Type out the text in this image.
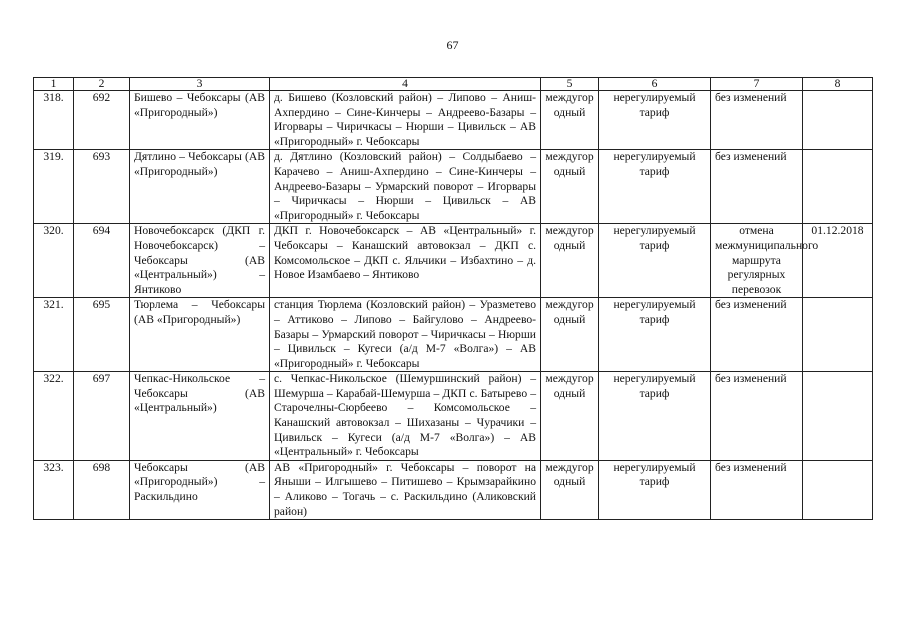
67
1	2	3	4	5	6	7	8
318.	692	Бишево – Чебоксары (АВ «Пригородный»)	д. Бишево (Козловский район) – Липово – Аниш-Ахпердино – Сине-Кинчеры – Андреево-Базары – Игорвары – Чиричкасы – Нюрши – Цивильск – АВ «Пригородный» г. Чебоксары	междугородный	нерегулируемый тариф	без изменений	
319.	693	Дятлино – Чебоксары (АВ «Пригородный»)	д. Дятлино (Козловский район) – Солдыбаево – Карачево – Аниш-Ахпердино – Сине-Кинчеры – Андреево-Базары – Урмарский поворот – Игорвары – Чиричкасы – Нюрши – Цивильск – АВ «Пригородный» г. Чебоксары	междугородный	нерегулируемый тариф	без изменений	
320.	694	Новочебоксарск (ДКП г. Новочебоксарск) – Чебоксары (АВ «Центральный») – Янтиково	ДКП г. Новочебоксарск – АВ «Центральный» г. Чебоксары – Канашский автовокзал – ДКП с. Комсомольское – ДКП с. Яльчики – Избахтино – д. Новое Изамбаево – Янтиково	междугородный	нерегулируемый тариф	отмена межмуниципального маршрута регулярных перевозок	01.12.2018
321.	695	Тюрлема – Чебоксары (АВ «Пригородный»)	станция Тюрлема (Козловский район) – Уразметево – Аттиково – Липово – Байгулово – Андреево-Базары – Урмарский поворот – Чиричкасы – Нюрши – Цивильск – Кугеси (а/д М-7 «Волга») – АВ «Пригородный» г. Чебоксары	междугородный	нерегулируемый тариф	без изменений	
322.	697	Чепкас-Никольское – Чебоксары (АВ «Центральный»)	с. Чепкас-Никольское (Шемуршинский район) – Шемурша – Карабай-Шемурша – ДКП с. Батырево – Старочелны-Сюрбеево – Комсомольское – Канашский автовокзал – Шихазаны – Чурачики – Цивильск – Кугеси (а/д М-7 «Волга») – АВ «Центральный» г. Чебоксары	междугородный	нерегулируемый тариф	без изменений	
323.	698	Чебоксары (АВ «Пригородный») – Раскильдино	АВ «Пригородный» г. Чебоксары – поворот на Яныши – Илгышево – Питишево – Крымзарайкино – Аликово – Тогачь – с. Раскильдино (Аликовский район)	междугородный	нерегулируемый тариф	без изменений	
